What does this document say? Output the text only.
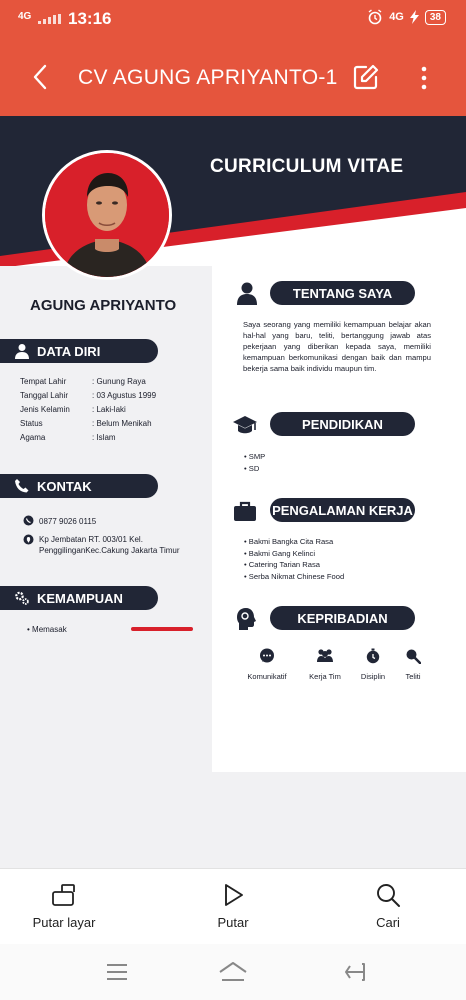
4G 13:16	4G	38
CV AGUNG APRIYANTO-1
CURRICULUM VITAE
AGUNG APRIYANTO
DATA DIRI
Tempat Lahir	: Gunung Raya
Tanggal Lahir	: 03 Agustus 1999
Jenis Kelamin	: Laki-laki
Status	: Belum Menikah
Agama	: Islam
KONTAK
0877 9026 0115
Kp Jembatan RT. 003/01 Kel.
PenggilinganKec.Cakung Jakarta Timur
KEMAMPUAN
• Memasak
TENTANG SAYA
Saya seorang yang memiliki kemampuan belajar akan hal-hal yang baru, teliti, bertanggung jawab atas pekerjaan yang diberikan kepada saya, memiliki kemampuan berkomunikasi dengan baik dan mampu bekerja sama baik individu maupun tim.
PENDIDIKAN
• SMP
• SD
PENGALAMAN KERJA
• Bakmi Bangka Cita Rasa
• Bakmi Gang Kelinci
• Catering Tarian Rasa
• Serba Nikmat Chinese Food
KEPRIBADIAN
Komunikatif	Kerja Tim	Disiplin	Teliti
Putar layar	Putar	Cari
